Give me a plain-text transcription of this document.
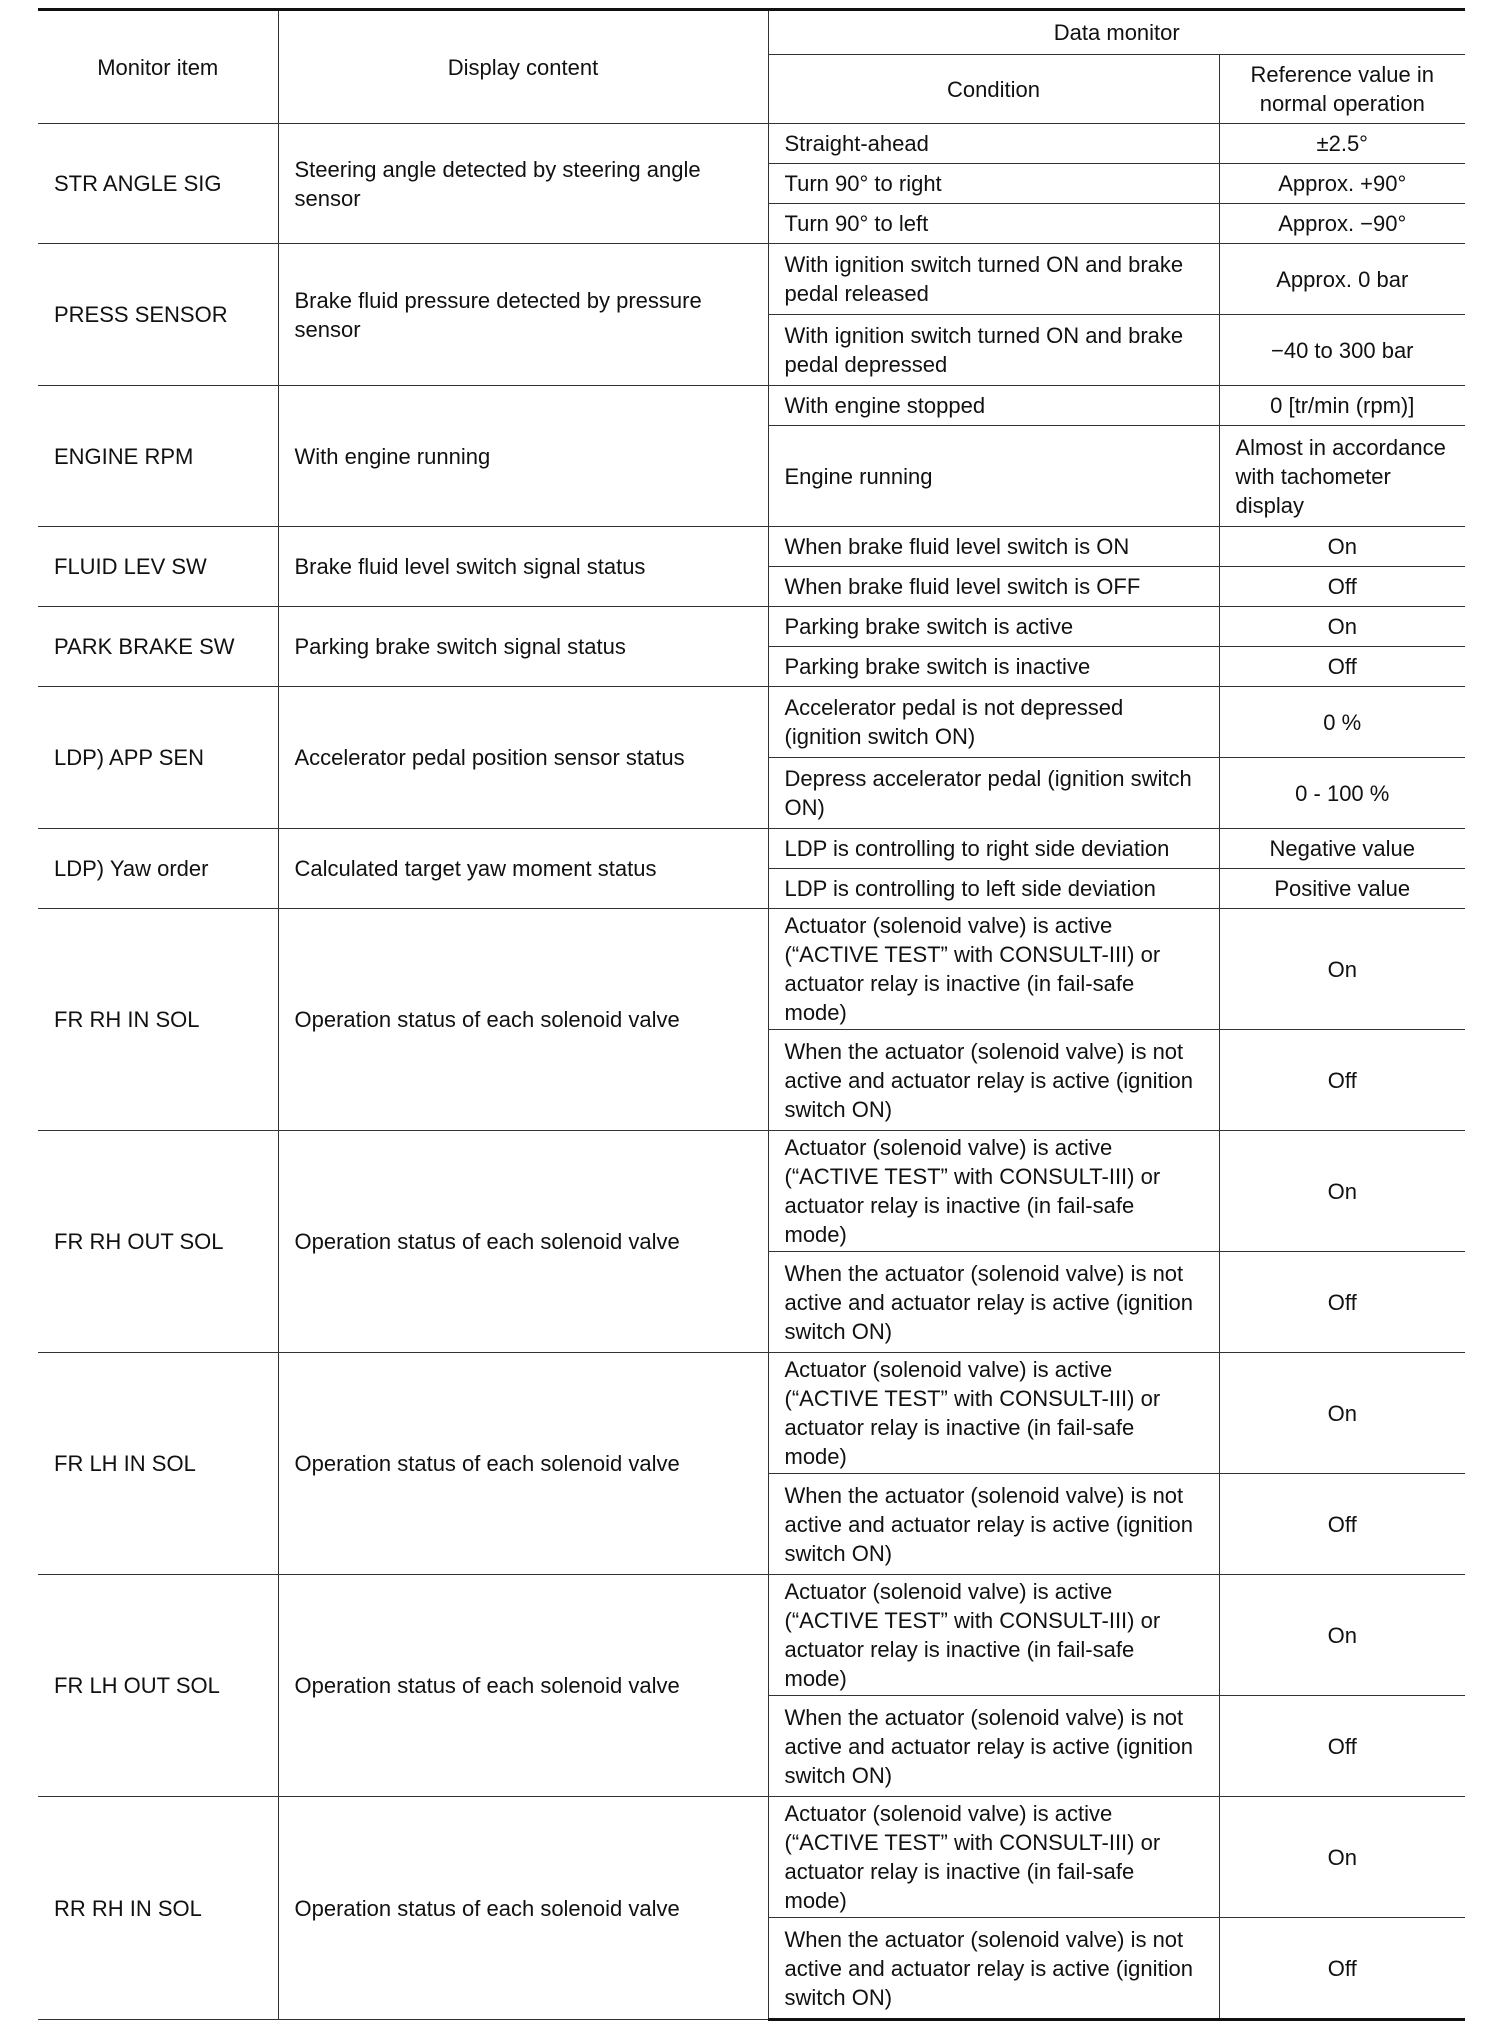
Monitor item	Display content	Data monitor	
		Condition	Reference value in normal operation
STR ANGLE SIG	Steering angle detected by steering angle sensor	Straight-ahead	±2.5°
		Turn 90° to right	Approx. +90°
		Turn 90° to left	Approx. −90°
PRESS SENSOR	Brake fluid pressure detected by pressure sensor	With ignition switch turned ON and brake pedal released	Approx. 0 bar
		With ignition switch turned ON and brake pedal depressed	−40 to 300 bar
ENGINE RPM	With engine running	With engine stopped	0 [tr/min (rpm)]
		Engine running	Almost in accordance with tachometer display
FLUID LEV SW	Brake fluid level switch signal status	When brake fluid level switch is ON	On
		When brake fluid level switch is OFF	Off
PARK BRAKE SW	Parking brake switch signal status	Parking brake switch is active	On
		Parking brake switch is inactive	Off
LDP) APP SEN	Accelerator pedal position sensor status	Accelerator pedal is not depressed (ignition switch ON)	0 %
		Depress accelerator pedal (ignition switch ON)	0 - 100 %
LDP) Yaw order	Calculated target yaw moment status	LDP is controlling to right side deviation	Negative value
		LDP is controlling to left side deviation	Positive value
FR RH IN SOL	Operation status of each solenoid valve	Actuator (solenoid valve) is active (“ACTIVE TEST” with CONSULT-III) or actuator relay is inactive (in fail-safe mode)	On
		When the actuator (solenoid valve) is not active and actuator relay is active (ignition switch ON)	Off
FR RH OUT SOL	Operation status of each solenoid valve	Actuator (solenoid valve) is active (“ACTIVE TEST” with CONSULT-III) or actuator relay is inactive (in fail-safe mode)	On
		When the actuator (solenoid valve) is not active and actuator relay is active (ignition switch ON)	Off
FR LH IN SOL	Operation status of each solenoid valve	Actuator (solenoid valve) is active (“ACTIVE TEST” with CONSULT-III) or actuator relay is inactive (in fail-safe mode)	On
		When the actuator (solenoid valve) is not active and actuator relay is active (ignition switch ON)	Off
FR LH OUT SOL	Operation status of each solenoid valve	Actuator (solenoid valve) is active (“ACTIVE TEST” with CONSULT-III) or actuator relay is inactive (in fail-safe mode)	On
		When the actuator (solenoid valve) is not active and actuator relay is active (ignition switch ON)	Off
RR RH IN SOL	Operation status of each solenoid valve	Actuator (solenoid valve) is active (“ACTIVE TEST” with CONSULT-III) or actuator relay is inactive (in fail-safe mode)	On
		When the actuator (solenoid valve) is not active and actuator relay is active (ignition switch ON)	Off
